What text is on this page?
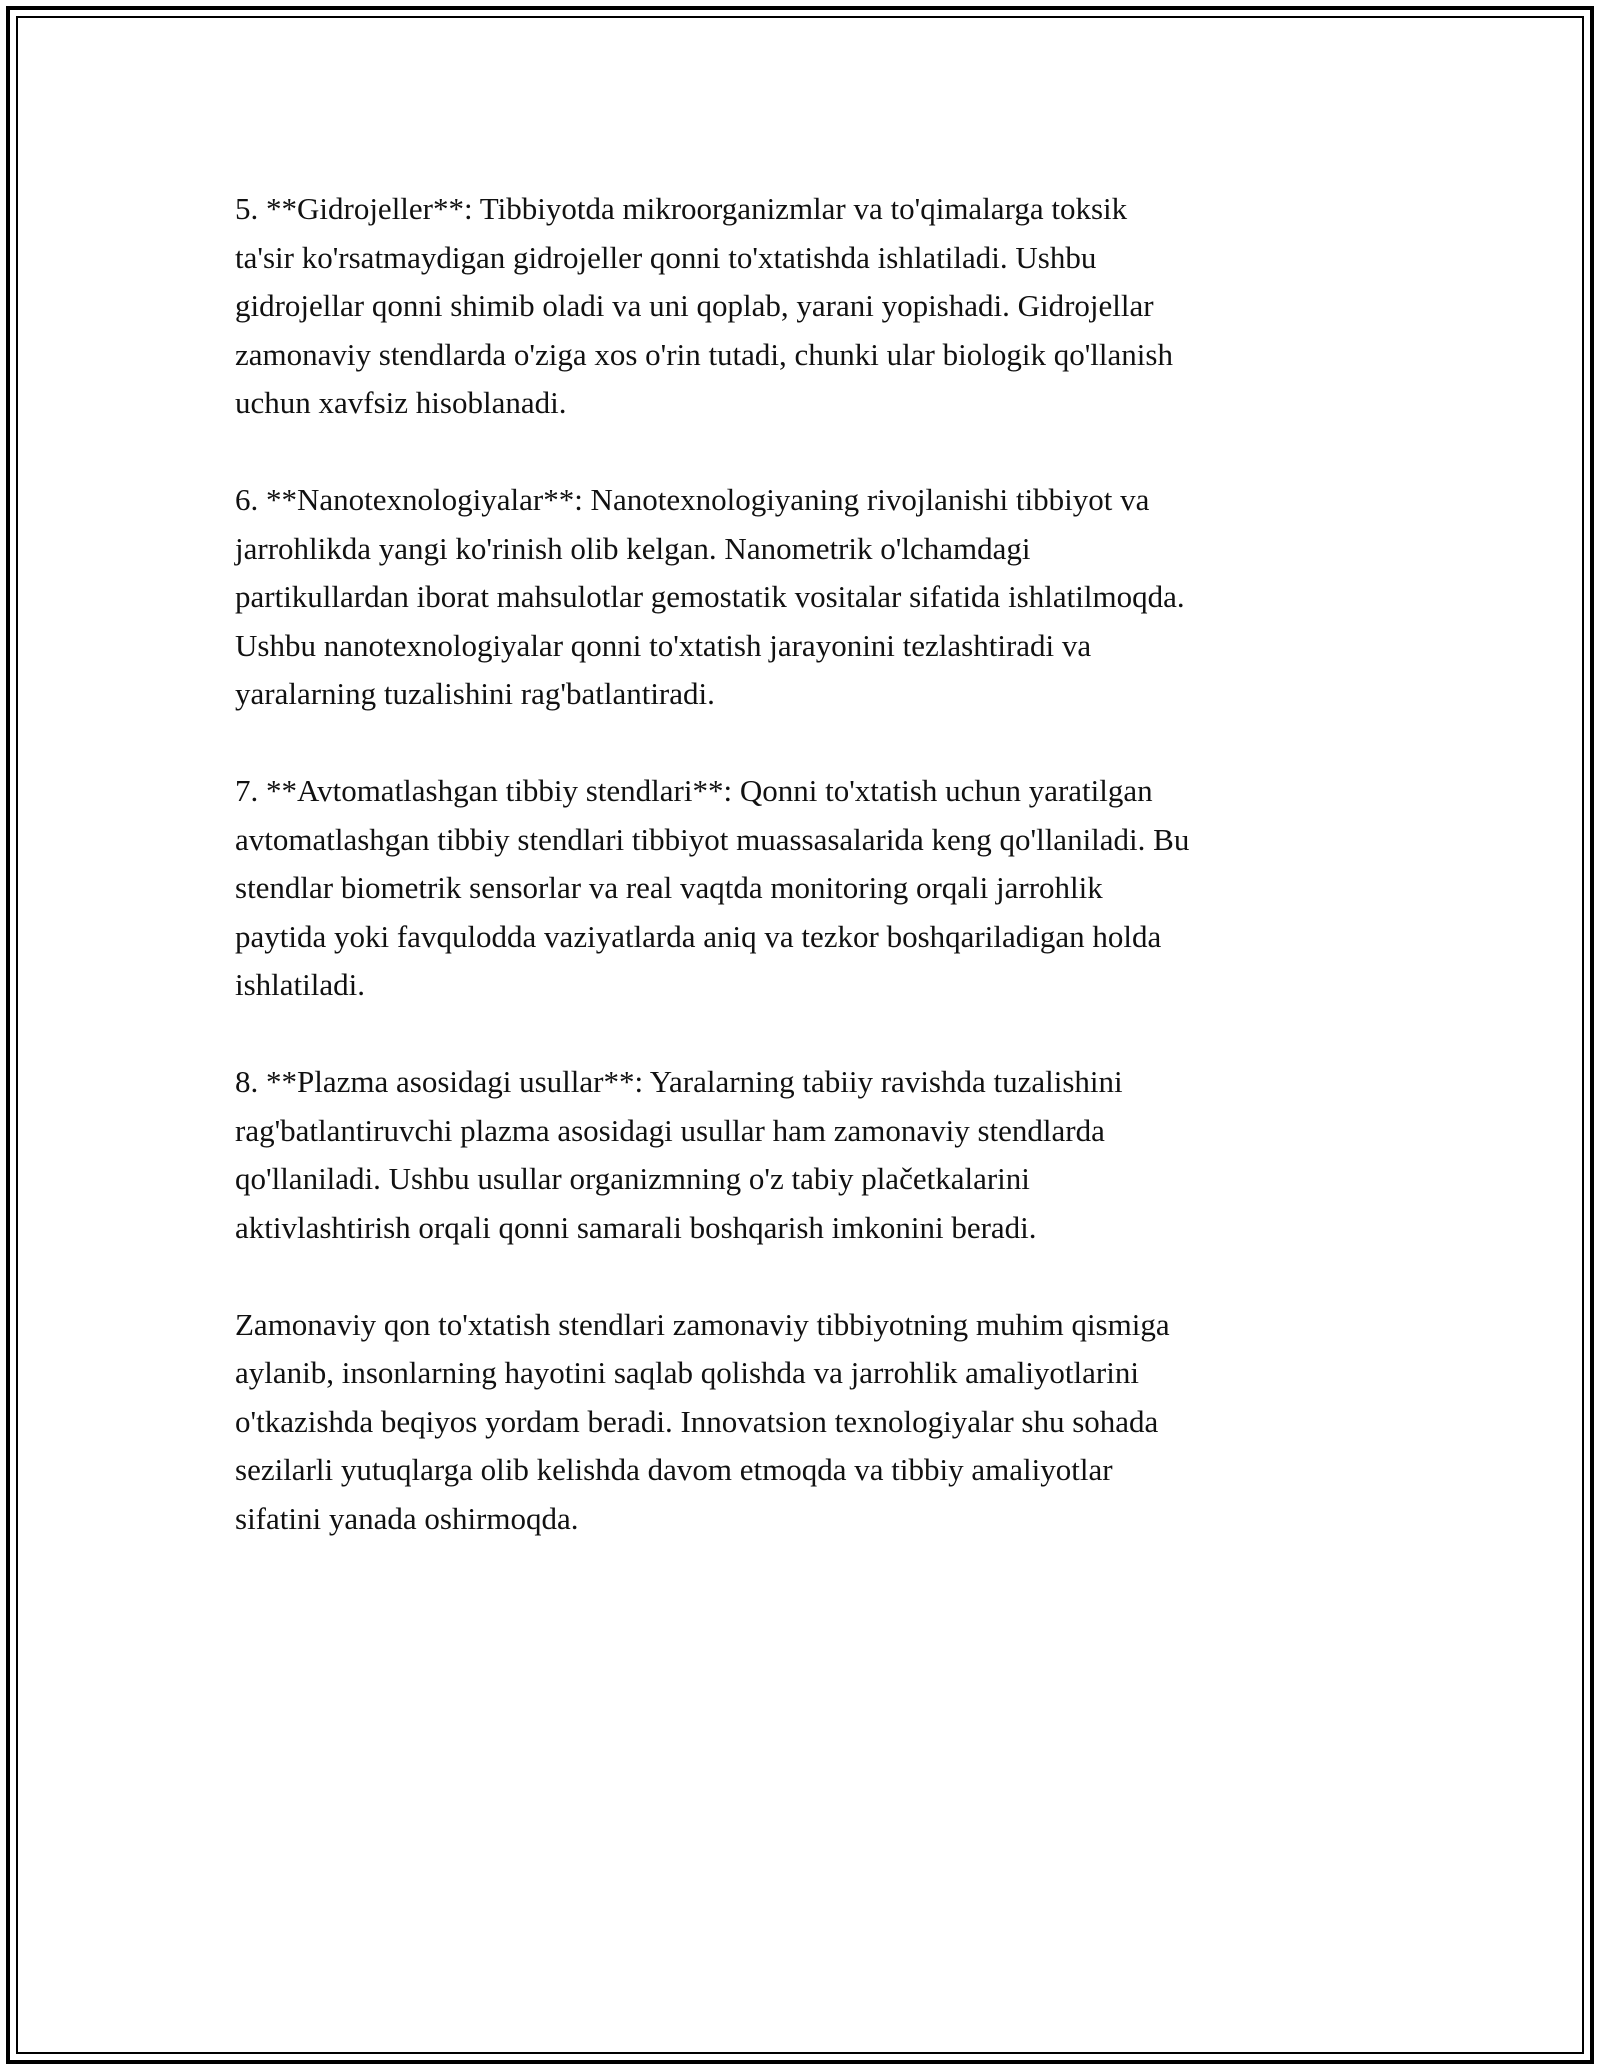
5. **Gidrojeller**: Tibbiyotda mikroorganizmlar va to'qimalarga toksik
ta'sir ko'rsatmaydigan gidrojeller qonni to'xtatishda ishlatiladi. Ushbu
gidrojellar qonni shimib oladi va uni qoplab, yarani yopishadi. Gidrojellar
zamonaviy stendlarda o'ziga xos o'rin tutadi, chunki ular biologik qo'llanish
uchun xavfsiz hisoblanadi.

6. **Nanotexnologiyalar**: Nanotexnologiyaning rivojlanishi tibbiyot va
jarrohlikda yangi ko'rinish olib kelgan. Nanometrik o'lchamdagi
partikullardan iborat mahsulotlar gemostatik vositalar sifatida ishlatilmoqda.
Ushbu nanotexnologiyalar qonni to'xtatish jarayonini tezlashtiradi va
yaralarning tuzalishini rag'batlantiradi.

7. **Avtomatlashgan tibbiy stendlari**: Qonni to'xtatish uchun yaratilgan
avtomatlashgan tibbiy stendlari tibbiyot muassasalarida keng qo'llaniladi. Bu
stendlar biometrik sensorlar va real vaqtda monitoring orqali jarrohlik
paytida yoki favqulodda vaziyatlarda aniq va tezkor boshqariladigan holda
ishlatiladi.

8. **Plazma asosidagi usullar**: Yaralarning tabiiy ravishda tuzalishini
rag'batlantiruvchi plazma asosidagi usullar ham zamonaviy stendlarda
qo'llaniladi. Ushbu usullar organizmning o'z tabiy plačetkalarini
aktivlashtirish orqali qonni samarali boshqarish imkonini beradi.

Zamonaviy qon to'xtatish stendlari zamonaviy tibbiyotning muhim qismiga
aylanib, insonlarning hayotini saqlab qolishda va jarrohlik amaliyotlarini
o'tkazishda beqiyos yordam beradi. Innovatsion texnologiyalar shu sohada
sezilarli yutuqlarga olib kelishda davom etmoqda va tibbiy amaliyotlar
sifatini yanada oshirmoqda.
